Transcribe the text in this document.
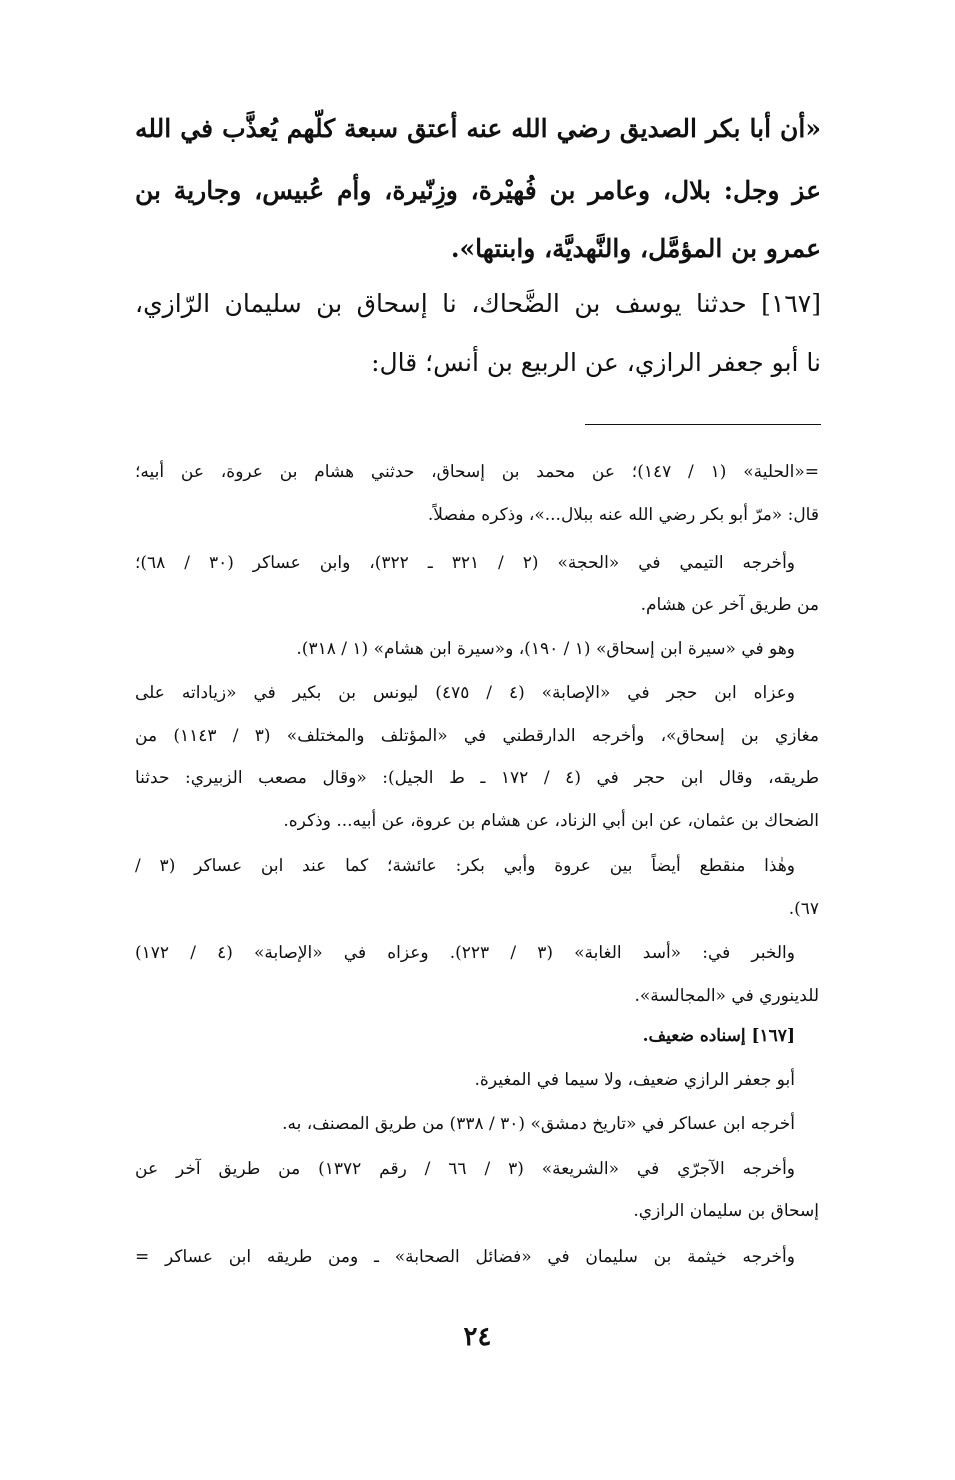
«أن أبا بكر الصديق رضي الله عنه أعتق سبعة كلّهم يُعذَّب في الله
عز وجل: بلال، وعامر بن فُهيْرة، وزِنّيرة، وأم عُبيس، وجارية بن
عمرو بن المؤمَّل، والنَّهديَّة، وابنتها».
[١٦٧] حدثنا يوسف بن الضَّحاك، نا إسحاق بن سليمان الرّازي،
نا أبو جعفر الرازي، عن الربيع بن أنس؛ قال:
=«الحلية» (١ / ١٤٧)؛ عن محمد بن إسحاق، حدثني هشام بن عروة، عن أبيه؛
قال: «مرّ أبو بكر رضي الله عنه ببلال...»، وذكره مفصلاً.
وأخرجه التيمي في «الحجة» (٢ / ٣٢١ ـ ٣٢٢)، وابن عساكر (٣٠ / ٦٨)؛
من طريق آخر عن هشام.
وهو في «سيرة ابن إسحاق» (١ / ١٩٠)، و«سيرة ابن هشام» (١ / ٣١٨).
وعزاه ابن حجر في «الإصابة» (٤ / ٤٧٥) ليونس بن بكير في «زياداته على
مغازي بن إسحاق»، وأخرجه الدارقطني في «المؤتلف والمختلف» (٣ / ١١٤٣) من
طريقه، وقال ابن حجر في (٤ / ١٧٢ ـ ط الجيل): «وقال مصعب الزبيري: حدثنا
الضحاك بن عثمان، عن ابن أبي الزناد، عن هشام بن عروة، عن أبيه... وذكره.
وهٰذا منقطع أيضاً بين عروة وأبي بكر: عائشة؛ كما عند ابن عساكر (٣ /
٦٧).
والخبر في: «أسد الغابة» (٣ / ٢٢٣). وعزاه في «الإصابة» (٤ / ١٧٢)
للدينوري في «المجالسة».
[١٦٧] إسناده ضعيف.
أبو جعفر الرازي ضعيف، ولا سيما في المغيرة.
أخرجه ابن عساكر في «تاريخ دمشق» (٣٠ / ٣٣٨) من طريق المصنف، به.
وأخرجه الآجرّي في «الشريعة» (٣ / ٦٦ / رقم ١٣٧٢) من طريق آخر عن
إسحاق بن سليمان الرازي.
وأخرجه خيثمة بن سليمان في «فضائل الصحابة» ـ ومن طريقه ابن عساكر =
٢٤
